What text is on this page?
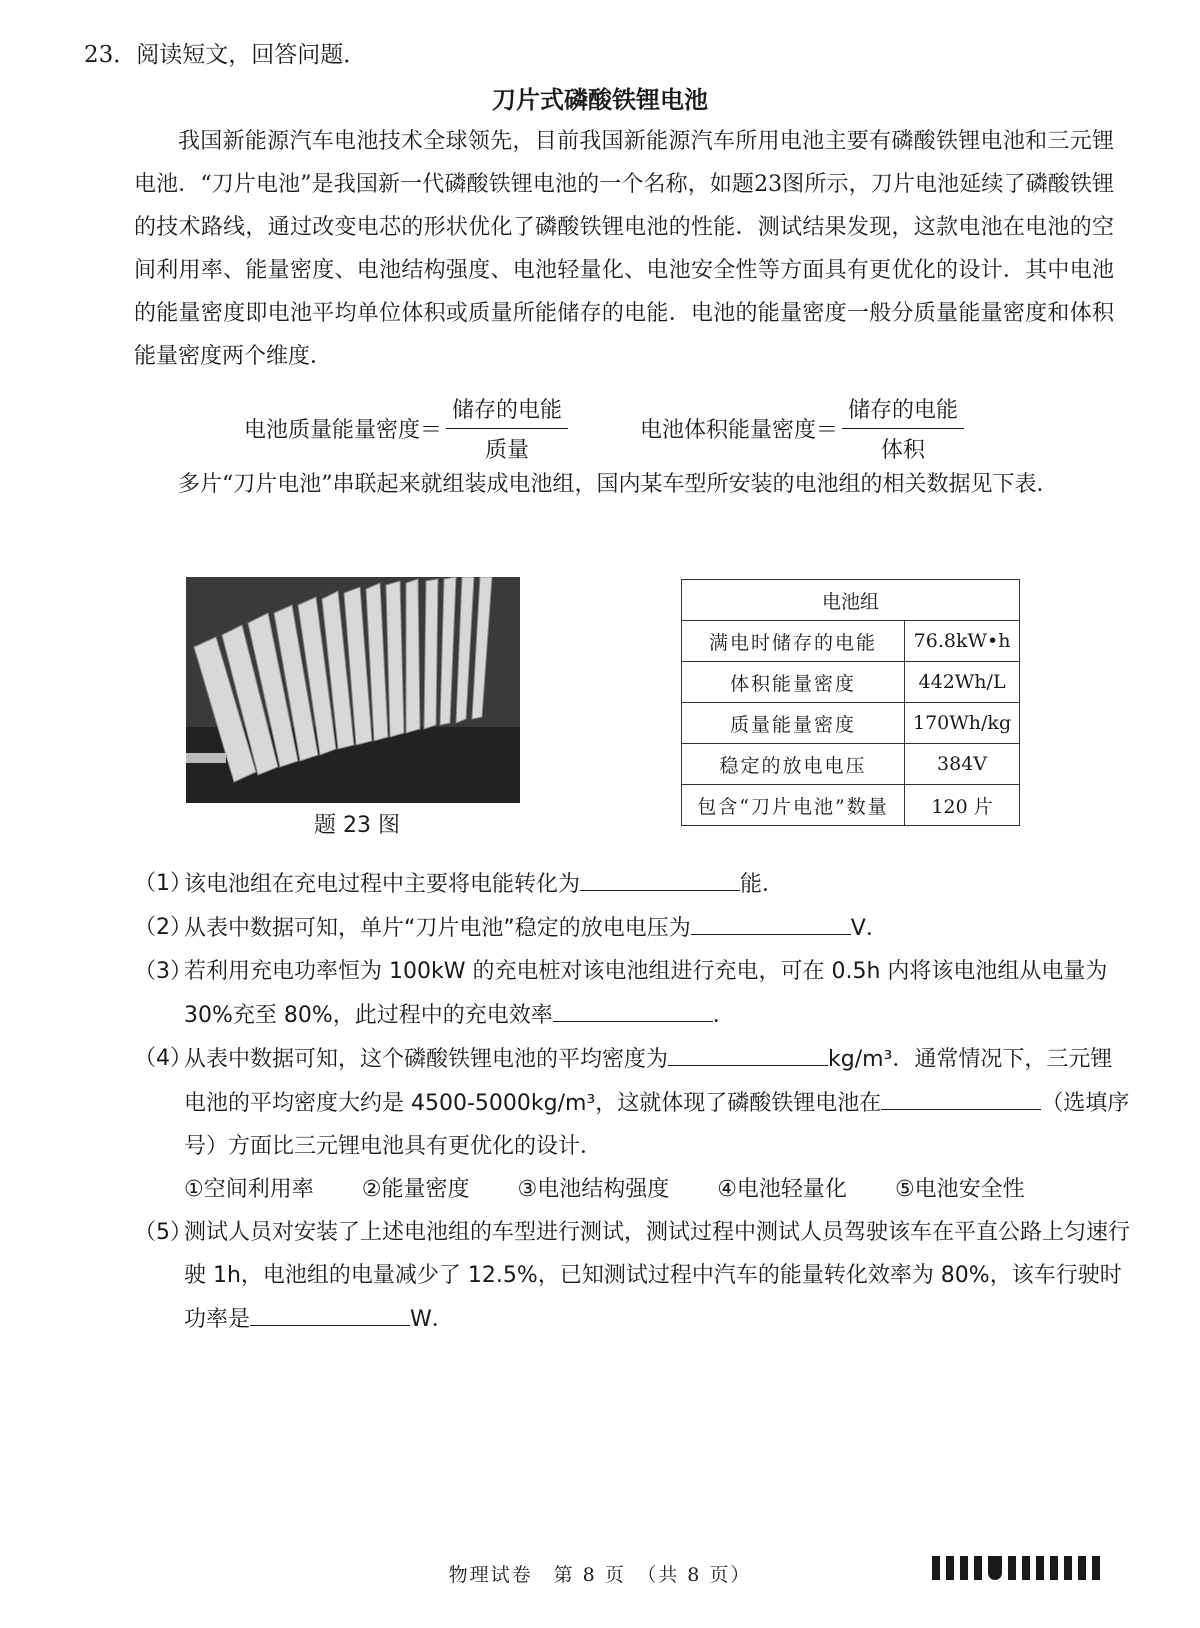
23．阅读短文，回答问题．
刀片式磷酸铁锂电池
我国新能源汽车电池技术全球领先，目前我国新能源汽车所用电池主要有磷酸铁锂电池和三元锂电池．“刀片电池”是我国新一代磷酸铁锂电池的一个名称，如题23图所示，刀片电池延续了磷酸铁锂的技术路线，通过改变电芯的形状优化了磷酸铁锂电池的性能．测试结果发现，这款电池在电池的空间利用率、能量密度、电池结构强度、电池轻量化、电池安全性等方面具有更优化的设计．其中电池的能量密度即电池平均单位体积或质量所能储存的电能．电池的能量密度一般分质量能量密度和体积能量密度两个维度．
电池质量能量密度＝ $\frac{\text{储存的电能}}{\text{质量}}$	电池体积能量密度＝ $\frac{\text{储存的电能}}{\text{体积}}$
多片“刀片电池”串联起来就组装成电池组，国内某车型所安装的电池组的相关数据见下表．
题 23 图
电池组	
满电时储存的电能	76.8kW•h
体积能量密度	442Wh/L
质量能量密度	170Wh/kg
稳定的放电电压	384V
包含“刀片电池”数量	120 片
（1）
该电池组在充电过程中主要将电能转化为	能．
（2）
从表中数据可知，单片“刀片电池”稳定的放电电压为	V．
（3）
若利用充电功率恒为 100kW 的充电桩对该电池组进行充电，可在 0.5h 内将该电池组从电量为 30%充至 80%，此过程中的充电效率	．
（4）
从表中数据可知，这个磷酸铁锂电池的平均密度为	kg/m³．通常情况下，三元锂电池的平均密度大约是 4500-5000kg/m³，这就体现了磷酸铁锂电池在	（选填序号）方面比三元锂电池具有更优化的设计．
①空间利用率 ②能量密度 ③电池结构强度 ④电池轻量化 ⑤电池安全性
（5）
测试人员对安装了上述电池组的车型进行测试，测试过程中测试人员驾驶该车在平直公路上匀速行驶 1h，电池组的电量减少了 12.5%，已知测试过程中汽车的能量转化效率为 80%，该车行驶时功率是	W．
物理试卷　第 8 页　（共 8 页）
